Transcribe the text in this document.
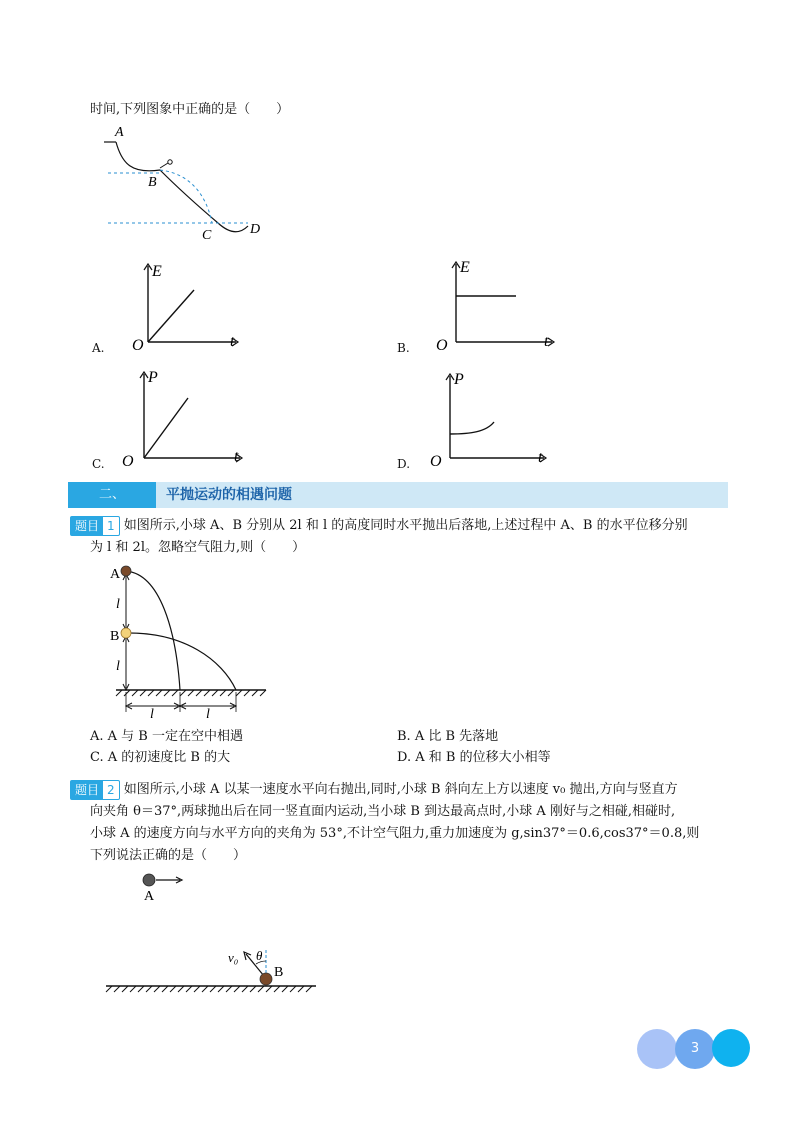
时间,下列图象中正确的是（　　）
A
B
C	D
A.
E
t
O	B.
E
t
O
C.
P
t
O	D.
P
t
O
二、	平抛运动的相遇问题
题目 1 如图所示,小球 A、B 分别从 2l 和 l 的高度同时水平抛出后落地,上述过程中 A、B 的水平位移分别
为 l 和 2l。忽略空气阻力,则（　　）
A
B
l
l
l	l
A. A 与 B 一定在空中相遇	B. A 比 B 先落地
C. A 的初速度比 B 的大	D. A 和 B 的位移大小相等
题目 2 如图所示,小球 A 以某一速度水平向右抛出,同时,小球 B 斜向左上方以速度 v₀ 抛出,方向与竖直方
向夹角 θ＝37°,两球抛出后在同一竖直面内运动,当小球 B 到达最高点时,小球 A 刚好与之相碰,相碰时,
小球 A 的速度方向与水平方向的夹角为 53°,不计空气阻力,重力加速度为 g,sin37°＝0.6,cos37°＝0.8,则
下列说法正确的是（　　）
A
B
v₀ θ
3
